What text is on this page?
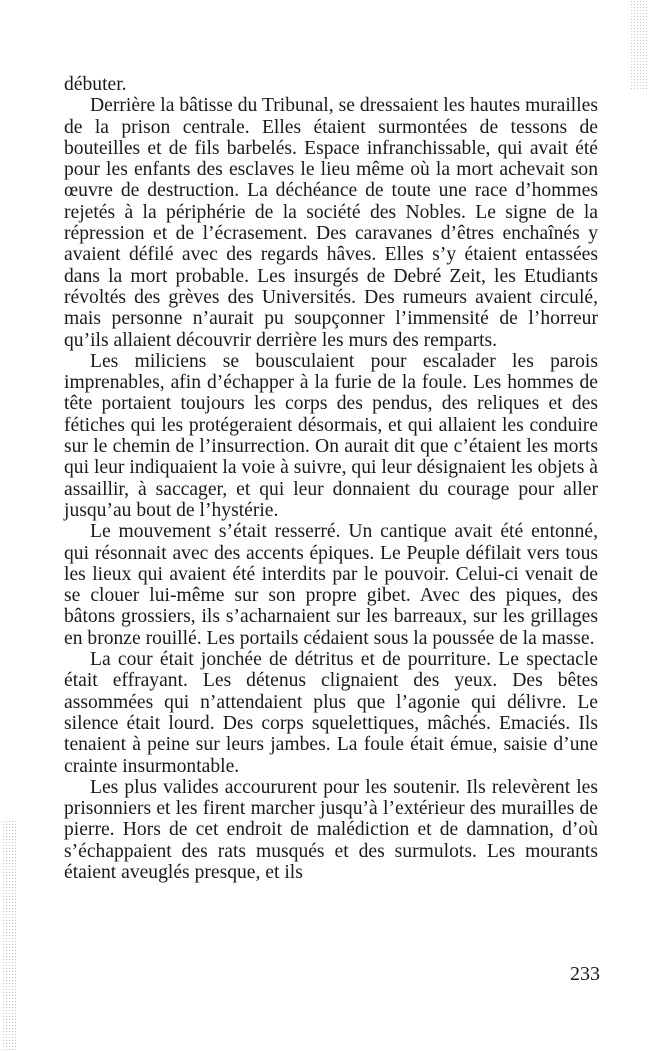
débuter.

Derrière la bâtisse du Tribunal, se dressaient les hautes murailles de la prison centrale. Elles étaient surmontées de tessons de bouteilles et de fils barbelés. Espace infranchissable, qui avait été pour les enfants des esclaves le lieu même où la mort achevait son œuvre de destruction. La déchéance de toute une race d’hommes rejetés à la périphérie de la société des Nobles. Le signe de la répression et de l’écrasement. Des caravanes d’êtres enchaînés y avaient défilé avec des regards hâves. Elles s’y étaient entassées dans la mort probable. Les insurgés de Debré Zeit, les Etudiants révoltés des grèves des Universités. Des rumeurs avaient circulé, mais personne n’aurait pu soupçonner l’immensité de l’horreur qu’ils allaient découvrir derrière les murs des remparts.

Les miliciens se bousculaient pour escalader les parois imprenables, afin d’échapper à la furie de la foule. Les hommes de tête portaient toujours les corps des pendus, des reliques et des fétiches qui les protégeraient désormais, et qui allaient les conduire sur le chemin de l’insurrection. On aurait dit que c’étaient les morts qui leur indiquaient la voie à suivre, qui leur désignaient les objets à assaillir, à saccager, et qui leur donnaient du courage pour aller jusqu’au bout de l’hystérie.

Le mouvement s’était resserré. Un cantique avait été entonné, qui résonnait avec des accents épiques. Le Peuple défilait vers tous les lieux qui avaient été interdits par le pouvoir. Celui-ci venait de se clouer lui-même sur son propre gibet. Avec des piques, des bâtons grossiers, ils s’acharnaient sur les barreaux, sur les grillages en bronze rouillé. Les portails cédaient sous la poussée de la masse.

La cour était jonchée de détritus et de pourriture. Le spectacle était effrayant. Les détenus clignaient des yeux. Des bêtes assommées qui n’attendaient plus que l’agonie qui délivre. Le silence était lourd. Des corps squelettiques, mâchés. Emaciés. Ils tenaient à peine sur leurs jambes. La foule était émue, saisie d’une crainte insurmontable.

Les plus valides accoururent pour les soutenir. Ils relevèrent les prisonniers et les firent marcher jusqu’à l’extérieur des murailles de pierre. Hors de cet endroit de malédiction et de damnation, d’où s’échappaient des rats musqués et des surmulots. Les mourants étaient aveuglés presque, et ils

233
